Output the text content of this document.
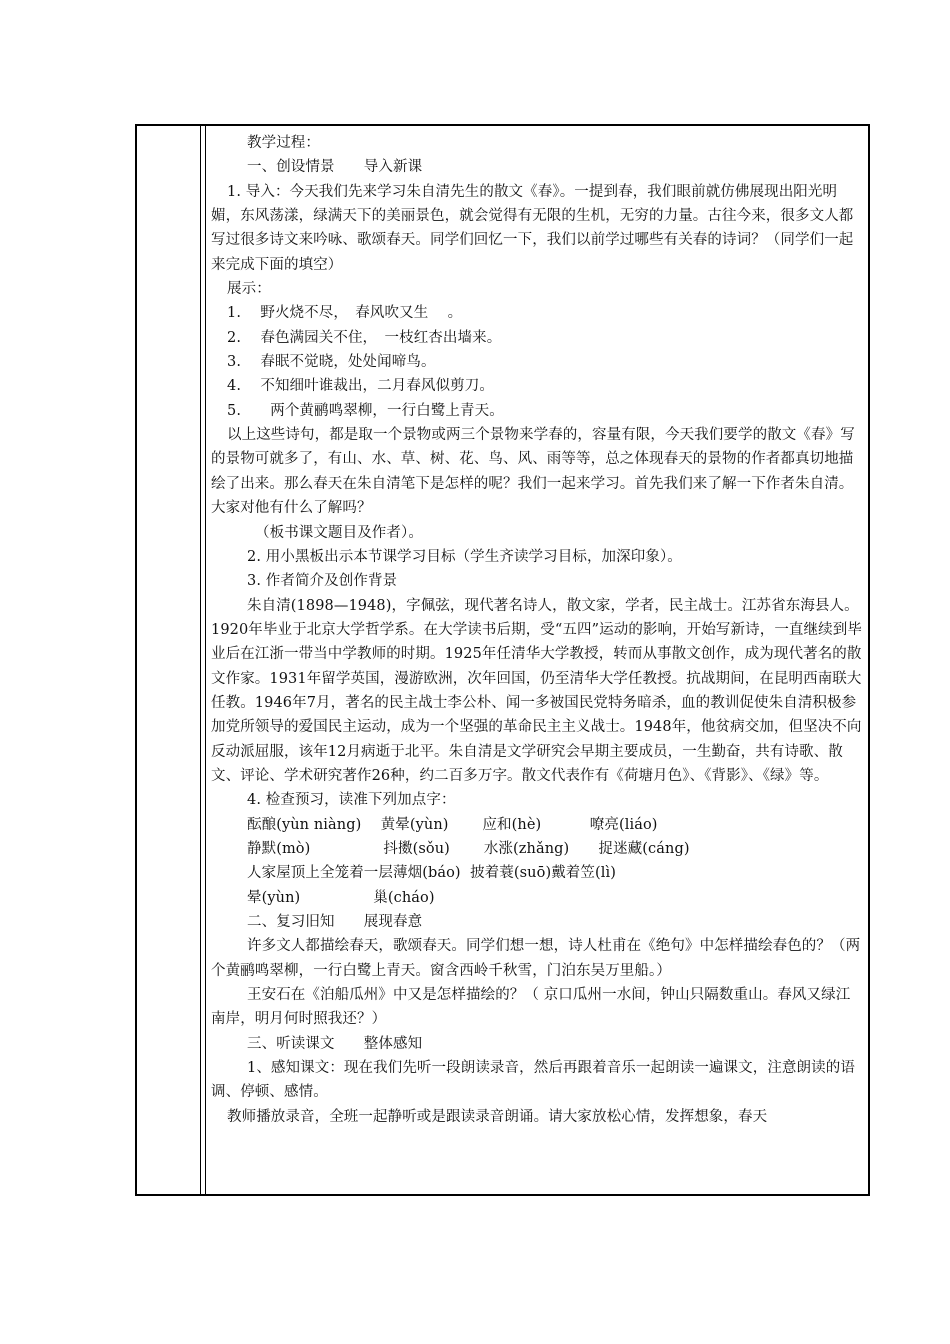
教学过程：

一、创设情景　　导入新课

1. 导入：今天我们先来学习朱自清先生的散文《春》。一提到春，我们眼前就仿佛展现出阳光明媚，东风荡漾，绿满天下的美丽景色，就会觉得有无限的生机，无穷的力量。古往今来，很多文人都写过很多诗文来吟咏、歌颂春天。同学们回忆一下，我们以前学过哪些有关春的诗词？（同学们一起来完成下面的填空）

展示：

1.　 野火烧不尽，　春风吹又生　 。

2.　 春色满园关不住，　一枝红杏出墙来。

3.　 春眠不觉晓，处处闻啼鸟。

4.　 不知细叶谁裁出，二月春风似剪刀。

5.　　两个黄鹂鸣翠柳，一行白鹭上青天。

以上这些诗句，都是取一个景物或两三个景物来学春的，容量有限，今天我们要学的散文《春》写的景物可就多了，有山、水、草、树、花、鸟、风、雨等等，总之体现春天的景物的作者都真切地描绘了出来。那么春天在朱自清笔下是怎样的呢？我们一起来学习。首先我们来了解一下作者朱自清。大家对他有什么了解吗？

（板书课文题目及作者）。

2. 用小黑板出示本节课学习目标（学生齐读学习目标，加深印象）。

3. 作者简介及创作背景

朱自清(1898—1948)，字佩弦，现代著名诗人，散文家，学者，民主战士。江苏省东海县人。1920年毕业于北京大学哲学系。在大学读书后期，受“五四”运动的影响，开始写新诗，一直继续到毕业后在江浙一带当中学教师的时期。1925年任清华大学教授，转而从事散文创作，成为现代著名的散文作家。1931年留学英国，漫游欧洲，次年回国，仍至清华大学任教授。抗战期间，在昆明西南联大任教。1946年7月，著名的民主战士李公朴、闻一多被国民党特务暗杀，血的教训促使朱自清积极参加党所领导的爱国民主运动，成为一个坚强的革命民主主义战士。1948年，他贫病交加，但坚决不向反动派屈服，该年12月病逝于北平。朱自清是文学研究会早期主要成员，一生勤奋，共有诗歌、散文、评论、学术研究著作26种，约二百多万字。散文代表作有《荷塘月色》、《背影》、《绿》等。

4. 检查预习，读准下列加点字：

酝酿(yùn niàng)　 黄晕(yùn)　　 应和(hè)　　　 嘹亮(liáo)

静默(mò)　　　　　抖擞(sǒu)　　 水涨(zhǎng)　　捉迷藏(cáng)

人家屋顶上全笼着一层薄烟(báo)  披着蓑(suō)戴着笠(lì)

晕(yùn)　　　　　巢(cháo)

二、复习旧知　　展现春意

许多文人都描绘春天，歌颂春天。同学们想一想，诗人杜甫在《绝句》中怎样描绘春色的？（两个黄鹂鸣翠柳，一行白鹭上青天。窗含西岭千秋雪，门泊东吴万里船。）

王安石在《泊船瓜州》中又是怎样描绘的？（ 京口瓜州一水间，钟山只隔数重山。春风又绿江南岸，明月何时照我还？）

三、听读课文　　整体感知

1、感知课文：现在我们先听一段朗读录音，然后再跟着音乐一起朗读一遍课文，注意朗读的语调、停顿、感情。

教师播放录音，全班一起静听或是跟读录音朗诵。请大家放松心情，发挥想象，春天
